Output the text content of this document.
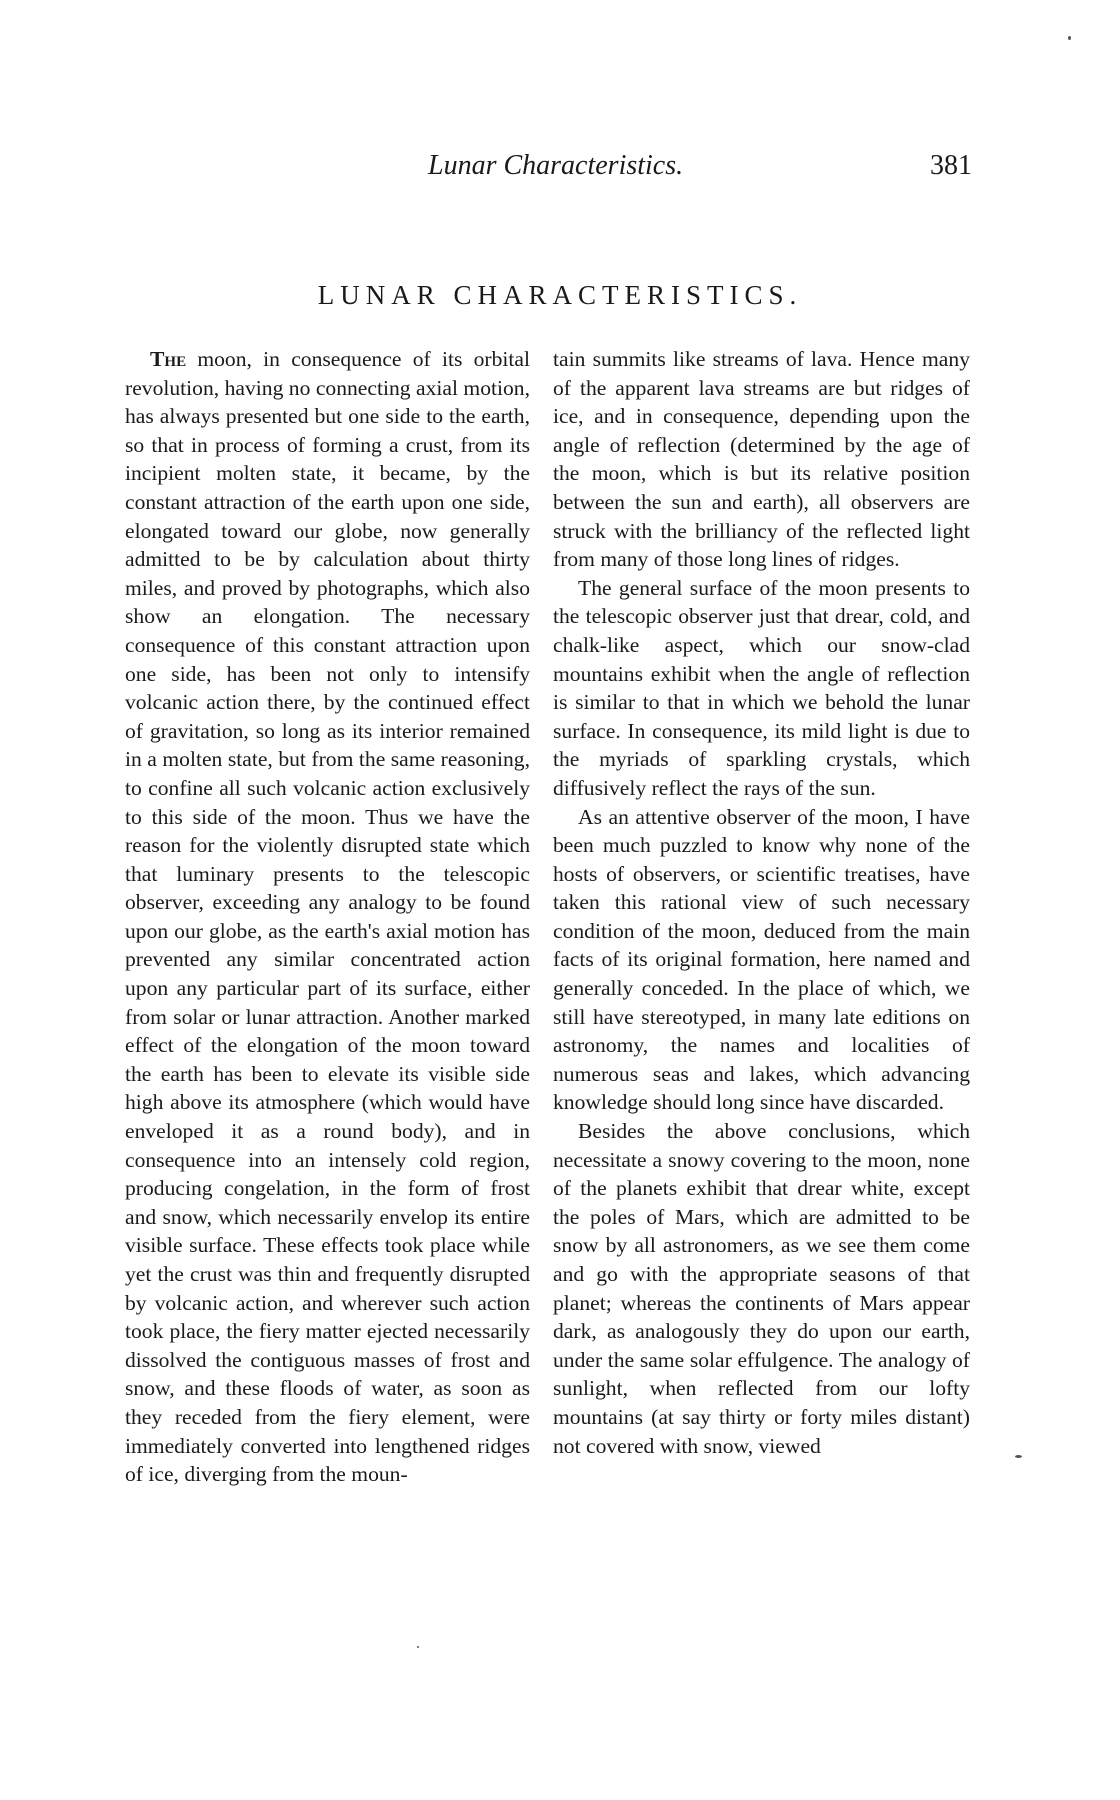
Lunar Characteristics.	381
LUNAR CHARACTERISTICS.

The moon, in consequence of its orbital revolution, having no connecting axial motion, has always presented but one side to the earth, so that in process of forming a crust, from its incipient molten state, it became, by the constant attraction of the earth upon one side, elongated toward our globe, now generally admitted to be by calculation about thirty miles, and proved by photographs, which also show an elongation. The necessary consequence of this constant attraction upon one side, has been not only to intensify volcanic action there, by the continued effect of gravitation, so long as its interior remained in a molten state, but from the same reasoning, to confine all such volcanic action exclusively to this side of the moon. Thus we have the reason for the violently disrupted state which that luminary presents to the telescopic observer, exceeding any analogy to be found upon our globe, as the earth's axial motion has prevented any similar concentrated action upon any particular part of its surface, either from solar or lunar attraction. Another marked effect of the elongation of the moon toward the earth has been to elevate its visible side high above its atmosphere (which would have enveloped it as a round body), and in consequence into an intensely cold region, producing congelation, in the form of frost and snow, which necessarily envelop its entire visible surface. These effects took place while yet the crust was thin and frequently disrupted by volcanic action, and wherever such action took place, the fiery matter ejected necessarily dissolved the contiguous masses of frost and snow, and these floods of water, as soon as they receded from the fiery element, were immediately converted into lengthened ridges of ice, diverging from the moun-

tain summits like streams of lava. Hence many of the apparent lava streams are but ridges of ice, and in consequence, depending upon the angle of reflection (determined by the age of the moon, which is but its relative position between the sun and earth), all observers are struck with the brilliancy of the reflected light from many of those long lines of ridges.

The general surface of the moon presents to the telescopic observer just that drear, cold, and chalk-like aspect, which our snow-clad mountains exhibit when the angle of reflection is similar to that in which we behold the lunar surface. In consequence, its mild light is due to the myriads of sparkling crystals, which diffusively reflect the rays of the sun.

As an attentive observer of the moon, I have been much puzzled to know why none of the hosts of observers, or scientific treatises, have taken this rational view of such necessary condition of the moon, deduced from the main facts of its original formation, here named and generally conceded. In the place of which, we still have stereotyped, in many late editions on astronomy, the names and localities of numerous seas and lakes, which advancing knowledge should long since have discarded.

Besides the above conclusions, which necessitate a snowy covering to the moon, none of the planets exhibit that drear white, except the poles of Mars, which are admitted to be snow by all astronomers, as we see them come and go with the appropriate seasons of that planet; whereas the continents of Mars appear dark, as analogously they do upon our earth, under the same solar effulgence. The analogy of sunlight, when reflected from our lofty mountains (at say thirty or forty miles distant) not covered with snow, viewed
